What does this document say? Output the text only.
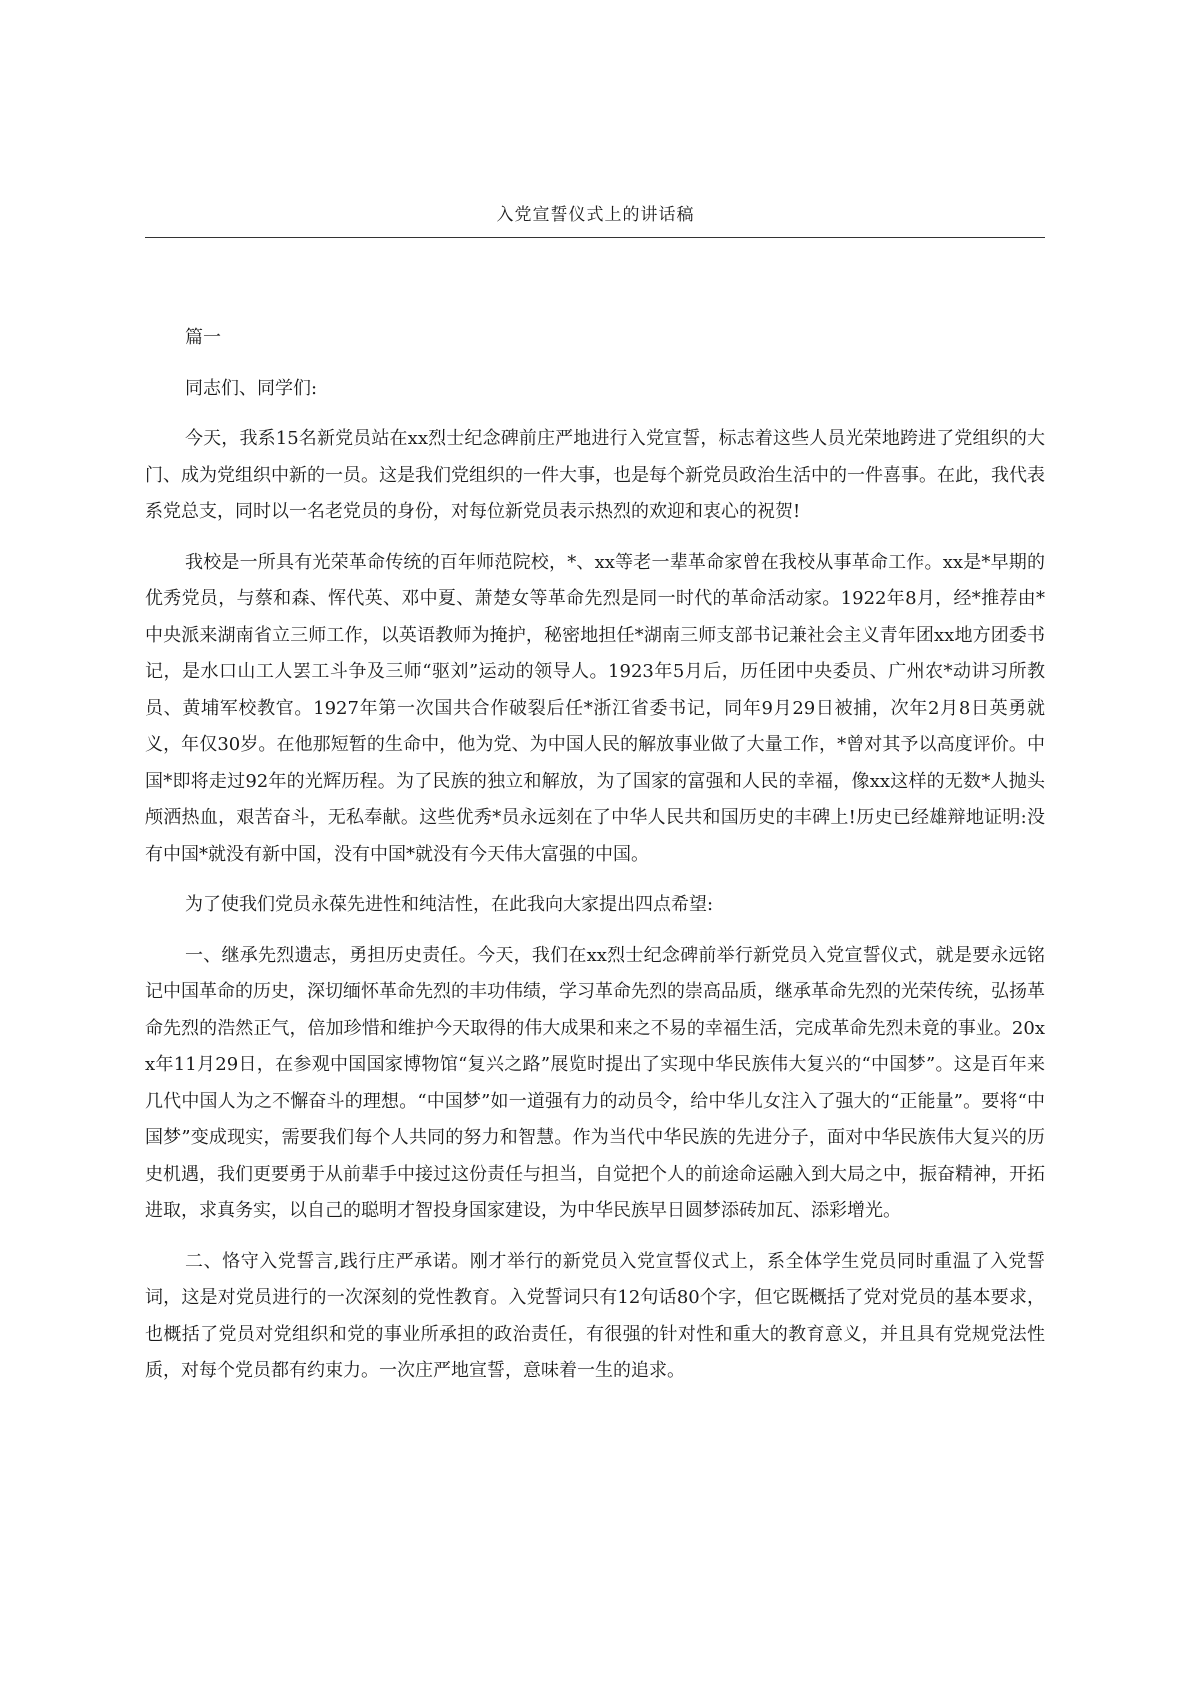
入党宣誓仪式上的讲话稿

篇一

同志们、同学们:

今天，我系15名新党员站在xx烈士纪念碑前庄严地进行入党宣誓，标志着这些人员光荣地跨进了党组织的大门、成为党组织中新的一员。这是我们党组织的一件大事，也是每个新党员政治生活中的一件喜事。在此，我代表系党总支，同时以一名老党员的身份，对每位新党员表示热烈的欢迎和衷心的祝贺!

我校是一所具有光荣革命传统的百年师范院校，*、xx等老一辈革命家曾在我校从事革命工作。xx是*早期的优秀党员，与蔡和森、恽代英、邓中夏、萧楚女等革命先烈是同一时代的革命活动家。1922年8月，经*推荐由*中央派来湖南省立三师工作，以英语教师为掩护，秘密地担任*湖南三师支部书记兼社会主义青年团xx地方团委书记，是水口山工人罢工斗争及三师“驱刘”运动的领导人。1923年5月后，历任团中央委员、广州农*动讲习所教员、黄埔军校教官。1927年第一次国共合作破裂后任*浙江省委书记，同年9月29日被捕，次年2月8日英勇就义，年仅30岁。在他那短暂的生命中，他为党、为中国人民的解放事业做了大量工作，*曾对其予以高度评价。中国*即将走过92年的光辉历程。为了民族的独立和解放，为了国家的富强和人民的幸福，像xx这样的无数*人抛头颅洒热血，艰苦奋斗，无私奉献。这些优秀*员永远刻在了中华人民共和国历史的丰碑上!历史已经雄辩地证明:没有中国*就没有新中国，没有中国*就没有今天伟大富强的中国。

为了使我们党员永葆先进性和纯洁性，在此我向大家提出四点希望:

一、继承先烈遗志，勇担历史责任。今天，我们在xx烈士纪念碑前举行新党员入党宣誓仪式，就是要永远铭记中国革命的历史，深切缅怀革命先烈的丰功伟绩，学习革命先烈的崇高品质，继承革命先烈的光荣传统，弘扬革命先烈的浩然正气，倍加珍惜和维护今天取得的伟大成果和来之不易的幸福生活，完成革命先烈未竟的事业。20xx年11月29日，在参观中国国家博物馆“复兴之路”展览时提出了实现中华民族伟大复兴的“中国梦”。这是百年来几代中国人为之不懈奋斗的理想。“中国梦”如一道强有力的动员令，给中华儿女注入了强大的“正能量”。要将“中国梦”变成现实，需要我们每个人共同的努力和智慧。作为当代中华民族的先进分子，面对中华民族伟大复兴的历史机遇，我们更要勇于从前辈手中接过这份责任与担当，自觉把个人的前途命运融入到大局之中，振奋精神，开拓进取，求真务实，以自己的聪明才智投身国家建设，为中华民族早日圆梦添砖加瓦、添彩增光。

二、恪守入党誓言,践行庄严承诺。刚才举行的新党员入党宣誓仪式上，系全体学生党员同时重温了入党誓词，这是对党员进行的一次深刻的党性教育。入党誓词只有12句话80个字，但它既概括了党对党员的基本要求，也概括了党员对党组织和党的事业所承担的政治责任，有很强的针对性和重大的教育意义，并且具有党规党法性质，对每个党员都有约束力。一次庄严地宣誓，意味着一生的追求。
